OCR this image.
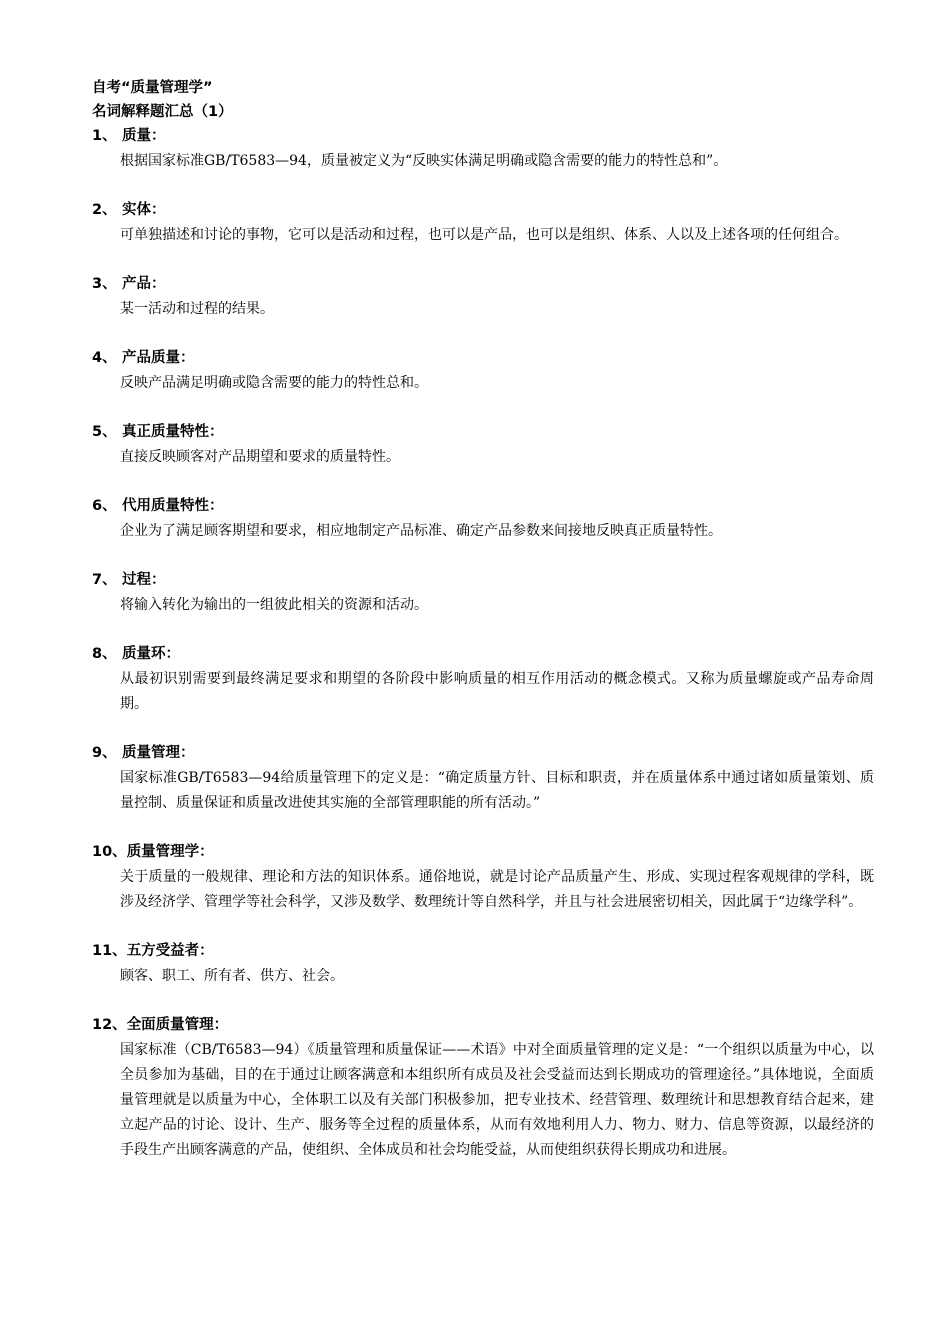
自考“质量管理学”
名词解释题汇总（1）
1、 质量：
根据国家标准GB/T6583—94，质量被定义为“反映实体满足明确或隐含需要的能力的特性总和”。
2、 实体：
可单独描述和讨论的事物，它可以是活动和过程，也可以是产品，也可以是组织、体系、人以及上述各项的任何组合。
3、 产品：
某一活动和过程的结果。
4、 产品质量：
反映产品满足明确或隐含需要的能力的特性总和。
5、 真正质量特性：
直接反映顾客对产品期望和要求的质量特性。
6、 代用质量特性：
企业为了满足顾客期望和要求，相应地制定产品标准、确定产品参数来间接地反映真正质量特性。
7、 过程：
将输入转化为输出的一组彼此相关的资源和活动。
8、 质量环：
从最初识别需要到最终满足要求和期望的各阶段中影响质量的相互作用活动的概念模式。又称为质量螺旋或产品寿命周期。
9、 质量管理：
国家标准GB/T6583—94给质量管理下的定义是：“确定质量方针、目标和职责，并在质量体系中通过诸如质量策划、质量控制、质量保证和质量改进使其实施的全部管理职能的所有活动。”
10、 质量管理学：
关于质量的一般规律、理论和方法的知识体系。通俗地说，就是讨论产品质量产生、形成、实现过程客观规律的学科，既涉及经济学、管理学等社会科学，又涉及数学、数理统计等自然科学，并且与社会进展密切相关，因此属于“边缘学科”。
11、 五方受益者：
顾客、职工、所有者、供方、社会。
12、 全面质量管理：
国家标准（CB/T6583—94）《质量管理和质量保证——术语》中对全面质量管理的定义是：“一个组织以质量为中心，以全员参加为基础，目的在于通过让顾客满意和本组织所有成员及社会受益而达到长期成功的管理途径。”具体地说，全面质量管理就是以质量为中心，全体职工以及有关部门积极参加，把专业技术、经营管理、数理统计和思想教育结合起来，建立起产品的讨论、设计、生产、服务等全过程的质量体系，从而有效地利用人力、物力、财力、信息等资源，以最经济的手段生产出顾客满意的产品，使组织、全体成员和社会均能受益，从而使组织获得长期成功和进展。
